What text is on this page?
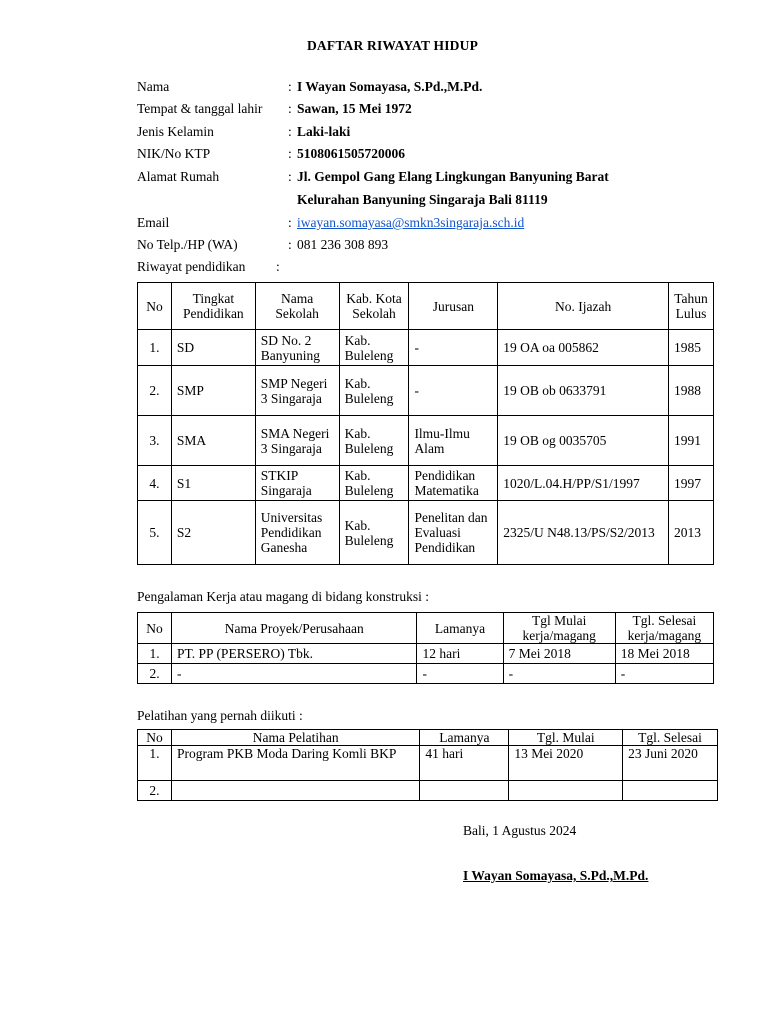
DAFTAR RIWAYAT HIDUP
Nama	: I Wayan Somayasa, S.Pd.,M.Pd.
Tempat & tanggal lahir : Sawan, 15 Mei 1972
Jenis Kelamin	: Laki-laki
NIK/No KTP	: 5108061505720006
Alamat Rumah	: Jl. Gempol Gang Elang Lingkungan Banyuning Barat
Kelurahan Banyuning Singaraja Bali 81119
Email	: iwayan.somayasa@smkn3singaraja.sch.id
No Telp./HP (WA)	: 081 236 308 893
Riwayat pendidikan :
No	Tingkat Pendidikan	Nama Sekolah	Kab. Kota Sekolah	Jurusan	No. Ijazah	Tahun Lulus
1.	SD	SD No. 2 Banyuning	Kab. Buleleng	-	19 OA oa 005862	1985
2.	SMP	SMP Negeri 3 Singaraja	Kab. Buleleng	-	19 OB ob 0633791	1988
3.	SMA	SMA Negeri 3 Singaraja	Kab. Buleleng	Ilmu-Ilmu Alam	19 OB og 0035705	1991
4.	S1	STKIP Singaraja	Kab. Buleleng	Pendidikan Matematika	1020/L.04.H/PP/S1/1997	1997
5.	S2	Universitas Pendidikan Ganesha	Kab. Buleleng	Penelitan dan Evaluasi Pendidikan	2325/U N48.13/PS/S2/2013	2013
Pengalaman Kerja atau magang di bidang konstruksi :
No	Nama Proyek/Perusahaan	Lamanya	Tgl Mulai kerja/magang	Tgl. Selesai kerja/magang
1.	PT. PP (PERSERO) Tbk.	12 hari	7 Mei 2018	18 Mei 2018
2.	-	-	-	-
Pelatihan yang pernah diikuti :
No	Nama Pelatihan	Lamanya	Tgl. Mulai	Tgl. Selesai
1.	Program PKB Moda Daring Komli BKP	41 hari	13 Mei 2020	23 Juni 2020
2.				
Bali, 1 Agustus 2024
I Wayan Somayasa, S.Pd.,M.Pd.
